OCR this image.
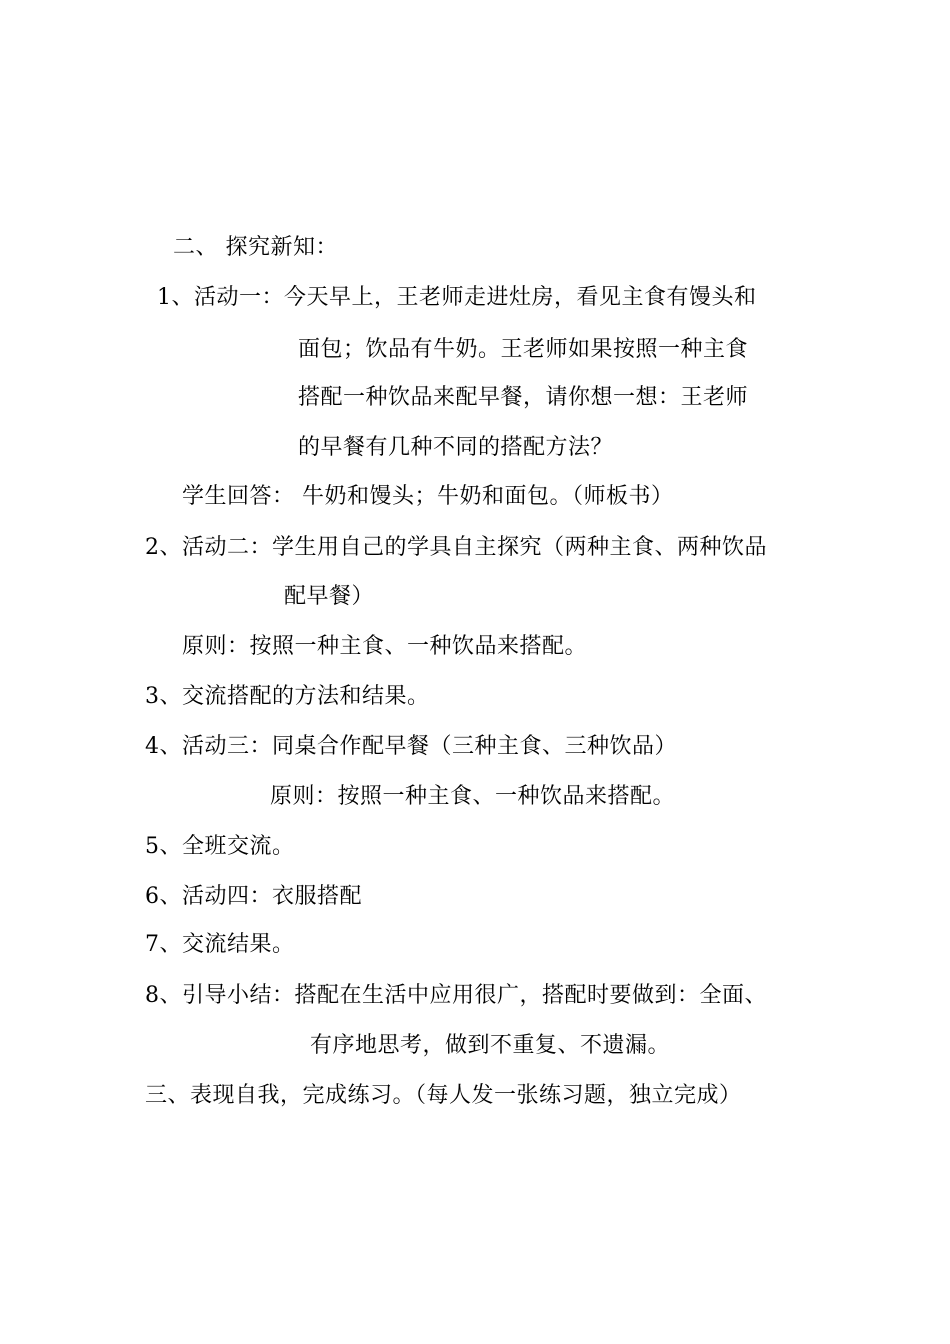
二、 探究新知：
1、活动一：今天早上，王老师走进灶房，看见主食有馒头和
面包；饮品有牛奶。王老师如果按照一种主食
搭配一种饮品来配早餐，请你想一想：王老师
的早餐有几种不同的搭配方法？
学生回答： 牛奶和馒头；牛奶和面包。（师板书）
2、活动二：学生用自己的学具自主探究（两种主食、两种饮品
配早餐）
原则：按照一种主食、一种饮品来搭配。
3、交流搭配的方法和结果。
4、活动三：同桌合作配早餐（三种主食、三种饮品）
原则：按照一种主食、一种饮品来搭配。
5、全班交流。
6、活动四：衣服搭配
7、交流结果。
8、引导小结：搭配在生活中应用很广，搭配时要做到：全面、
有序地思考，做到不重复、不遗漏。
三、表现自我，完成练习。（每人发一张练习题，独立完成）
